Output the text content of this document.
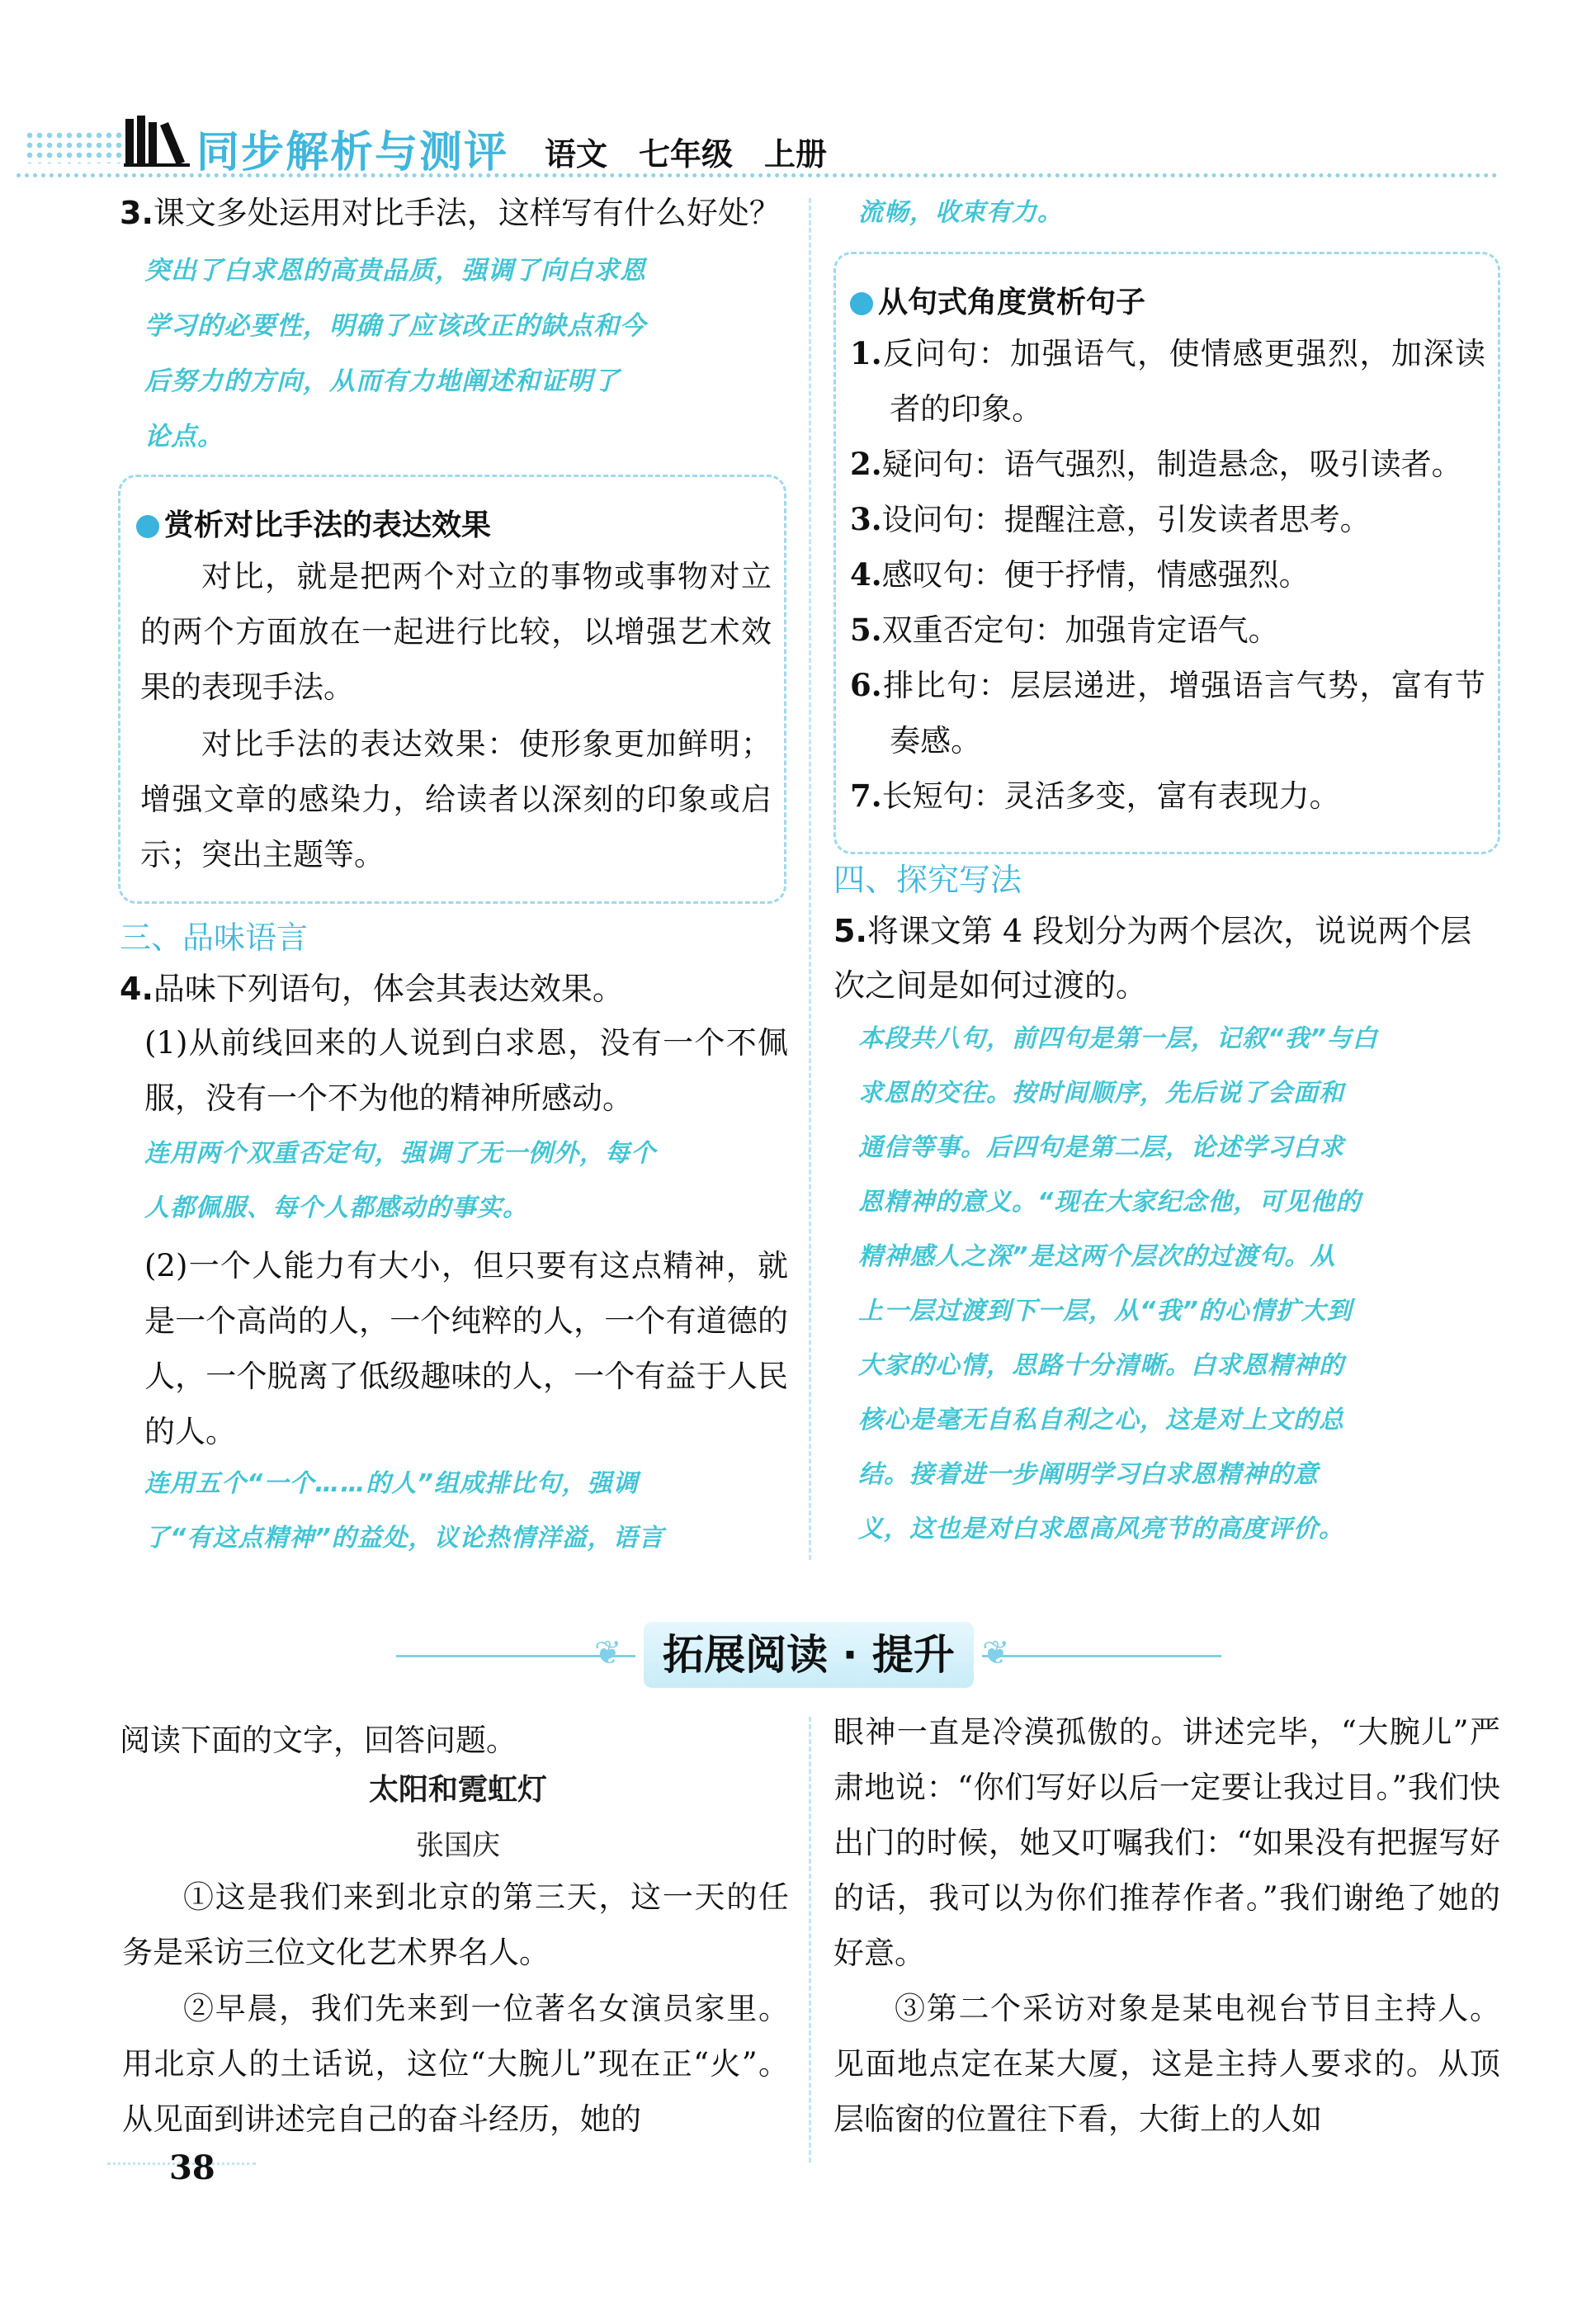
同步解析与测评 语文　七年级　上册
3.课文多处运用对比手法，这样写有什么好处？
突出了白求恩的高贵品质，强调了向白求恩
学习的必要性，明确了应该改正的缺点和今
后努力的方向，从而有力地阐述和证明了
论点。
赏析对比手法的表达效果
对比，就是把两个对立的事物或事物对立的两个方面放在一起进行比较，以增强艺术效果的表现手法。
对比手法的表达效果：使形象更加鲜明；增强文章的感染力，给读者以深刻的印象或启示；突出主题等。
三、品味语言
4.品味下列语句，体会其表达效果。
(1)从前线回来的人说到白求恩，没有一个不佩服，没有一个不为他的精神所感动。
连用两个双重否定句，强调了无一例外，每个
人都佩服、每个人都感动的事实。
(2)一个人能力有大小，但只要有这点精神，就是一个高尚的人，一个纯粹的人，一个有道德的人，一个脱离了低级趣味的人，一个有益于人民的人。
连用五个“一个……的人”组成排比句，强调
了“有这点精神”的益处，议论热情洋溢，语言
流畅，收束有力。
从句式角度赏析句子
1.反问句：加强语气，使情感更强烈，加深读者的印象。
2.疑问句：语气强烈，制造悬念，吸引读者。
3.设问句：提醒注意，引发读者思考。
4.感叹句：便于抒情，情感强烈。
5.双重否定句：加强肯定语气。
6.排比句：层层递进，增强语言气势，富有节奏感。
7.长短句：灵活多变，富有表现力。
四、探究写法
5.将课文第 4 段划分为两个层次，说说两个层次之间是如何过渡的。
本段共八句，前四句是第一层，记叙“我”与白
求恩的交往。按时间顺序，先后说了会面和
通信等事。后四句是第二层，论述学习白求
恩精神的意义。“现在大家纪念他，可见他的
精神感人之深”是这两个层次的过渡句。从
上一层过渡到下一层，从“我”的心情扩大到
大家的心情，思路十分清晰。白求恩精神的
核心是毫无自私自利之心，这是对上文的总
结。接着进一步阐明学习白求恩精神的意
义，这也是对白求恩高风亮节的高度评价。
❦	❦
拓展阅读 · 提升
阅读下面的文字，回答问题。
太阳和霓虹灯
张国庆
①这是我们来到北京的第三天，这一天的任务是采访三位文化艺术界名人。
②早晨，我们先来到一位著名女演员家里。用北京人的土话说，这位“大腕儿”现在正“火”。从见面到讲述完自己的奋斗经历，她的
眼神一直是冷漠孤傲的。讲述完毕，“大腕儿”严肃地说：“你们写好以后一定要让我过目。”我们快出门的时候，她又叮嘱我们：“如果没有把握写好的话，我可以为你们推荐作者。”我们谢绝了她的好意。
③第二个采访对象是某电视台节目主持人。见面地点定在某大厦，这是主持人要求的。从顶层临窗的位置往下看，大街上的人如
38
